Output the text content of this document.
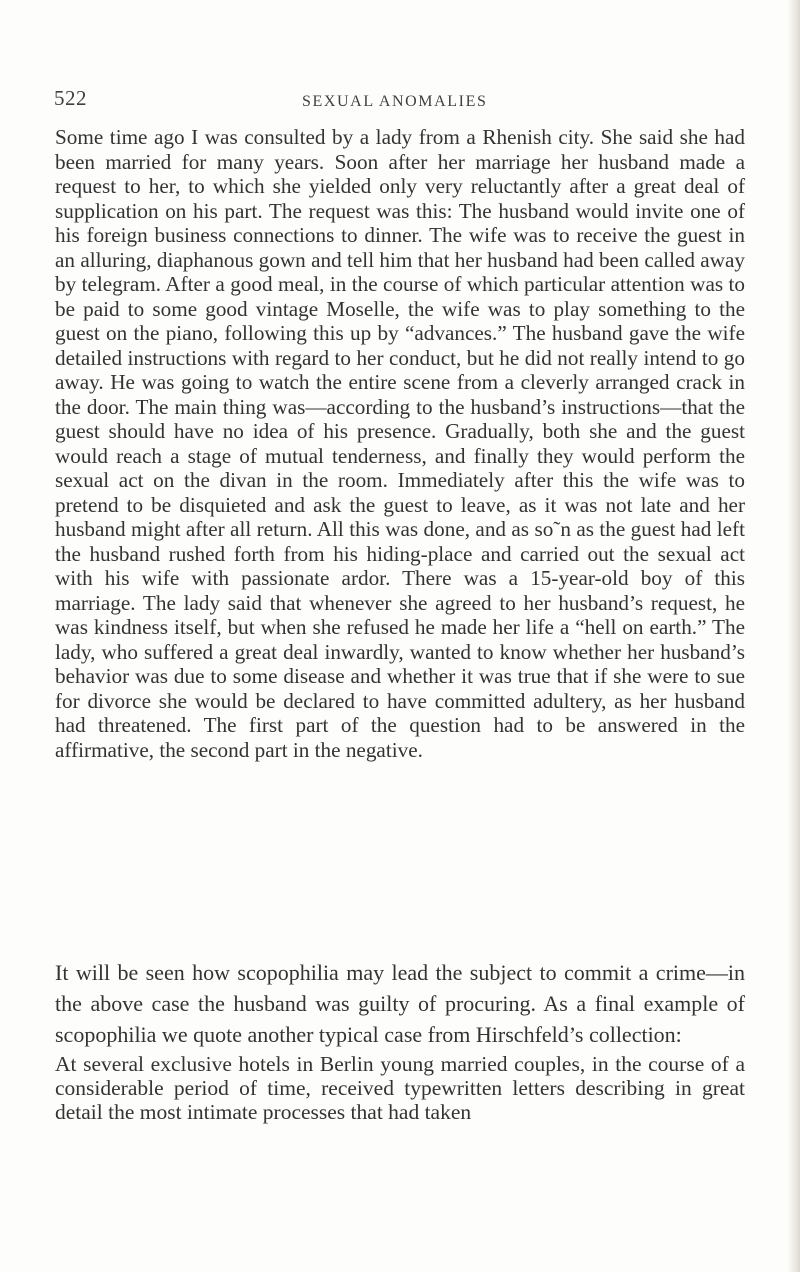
522	SEXUAL ANOMALIES

Some time ago I was consulted by a lady from a Rhenish city. She said she had been married for many years. Soon after her marriage her husband made a request to her, to which she yielded only very reluctantly after a great deal of supplication on his part. The request was this: The husband would invite one of his foreign business connections to dinner. The wife was to receive the guest in an alluring, diaphanous gown and tell him that her husband had been called away by telegram. After a good meal, in the course of which particular attention was to be paid to some good vintage Moselle, the wife was to play something to the guest on the piano, following this up by “advances.” The husband gave the wife detailed instructions with regard to her conduct, but he did not really intend to go away. He was going to watch the entire scene from a cleverly arranged crack in the door. The main thing was—according to the husband’s instructions—that the guest should have no idea of his presence. Gradually, both she and the guest would reach a stage of mutual tenderness, and finally they would perform the sexual act on the divan in the room. Immediately after this the wife was to pretend to be disquieted and ask the guest to leave, as it was not late and her husband might after all return. All this was done, and as so˜n as the guest had left the husband rushed forth from his hiding-place and carried out the sexual act with his wife with passionate ardor. There was a 15-year-old boy of this marriage. The lady said that whenever she agreed to her husband’s request, he was kindness itself, but when she refused he made her life a “hell on earth.” The lady, who suffered a great deal inwardly, wanted to know whether her husband’s behavior was due to some disease and whether it was true that if she were to sue for divorce she would be declared to have committed adultery, as her husband had threatened. The first part of the question had to be answered in the affirmative, the second part in the negative.

It will be seen how scopophilia may lead the subject to commit a crime—in the above case the husband was guilty of procuring. As a final example of scopophilia we quote another typical case from Hirschfeld’s collection:

At several exclusive hotels in Berlin young married couples, in the course of a considerable period of time, received typewritten letters describing in great detail the most intimate processes that had taken
